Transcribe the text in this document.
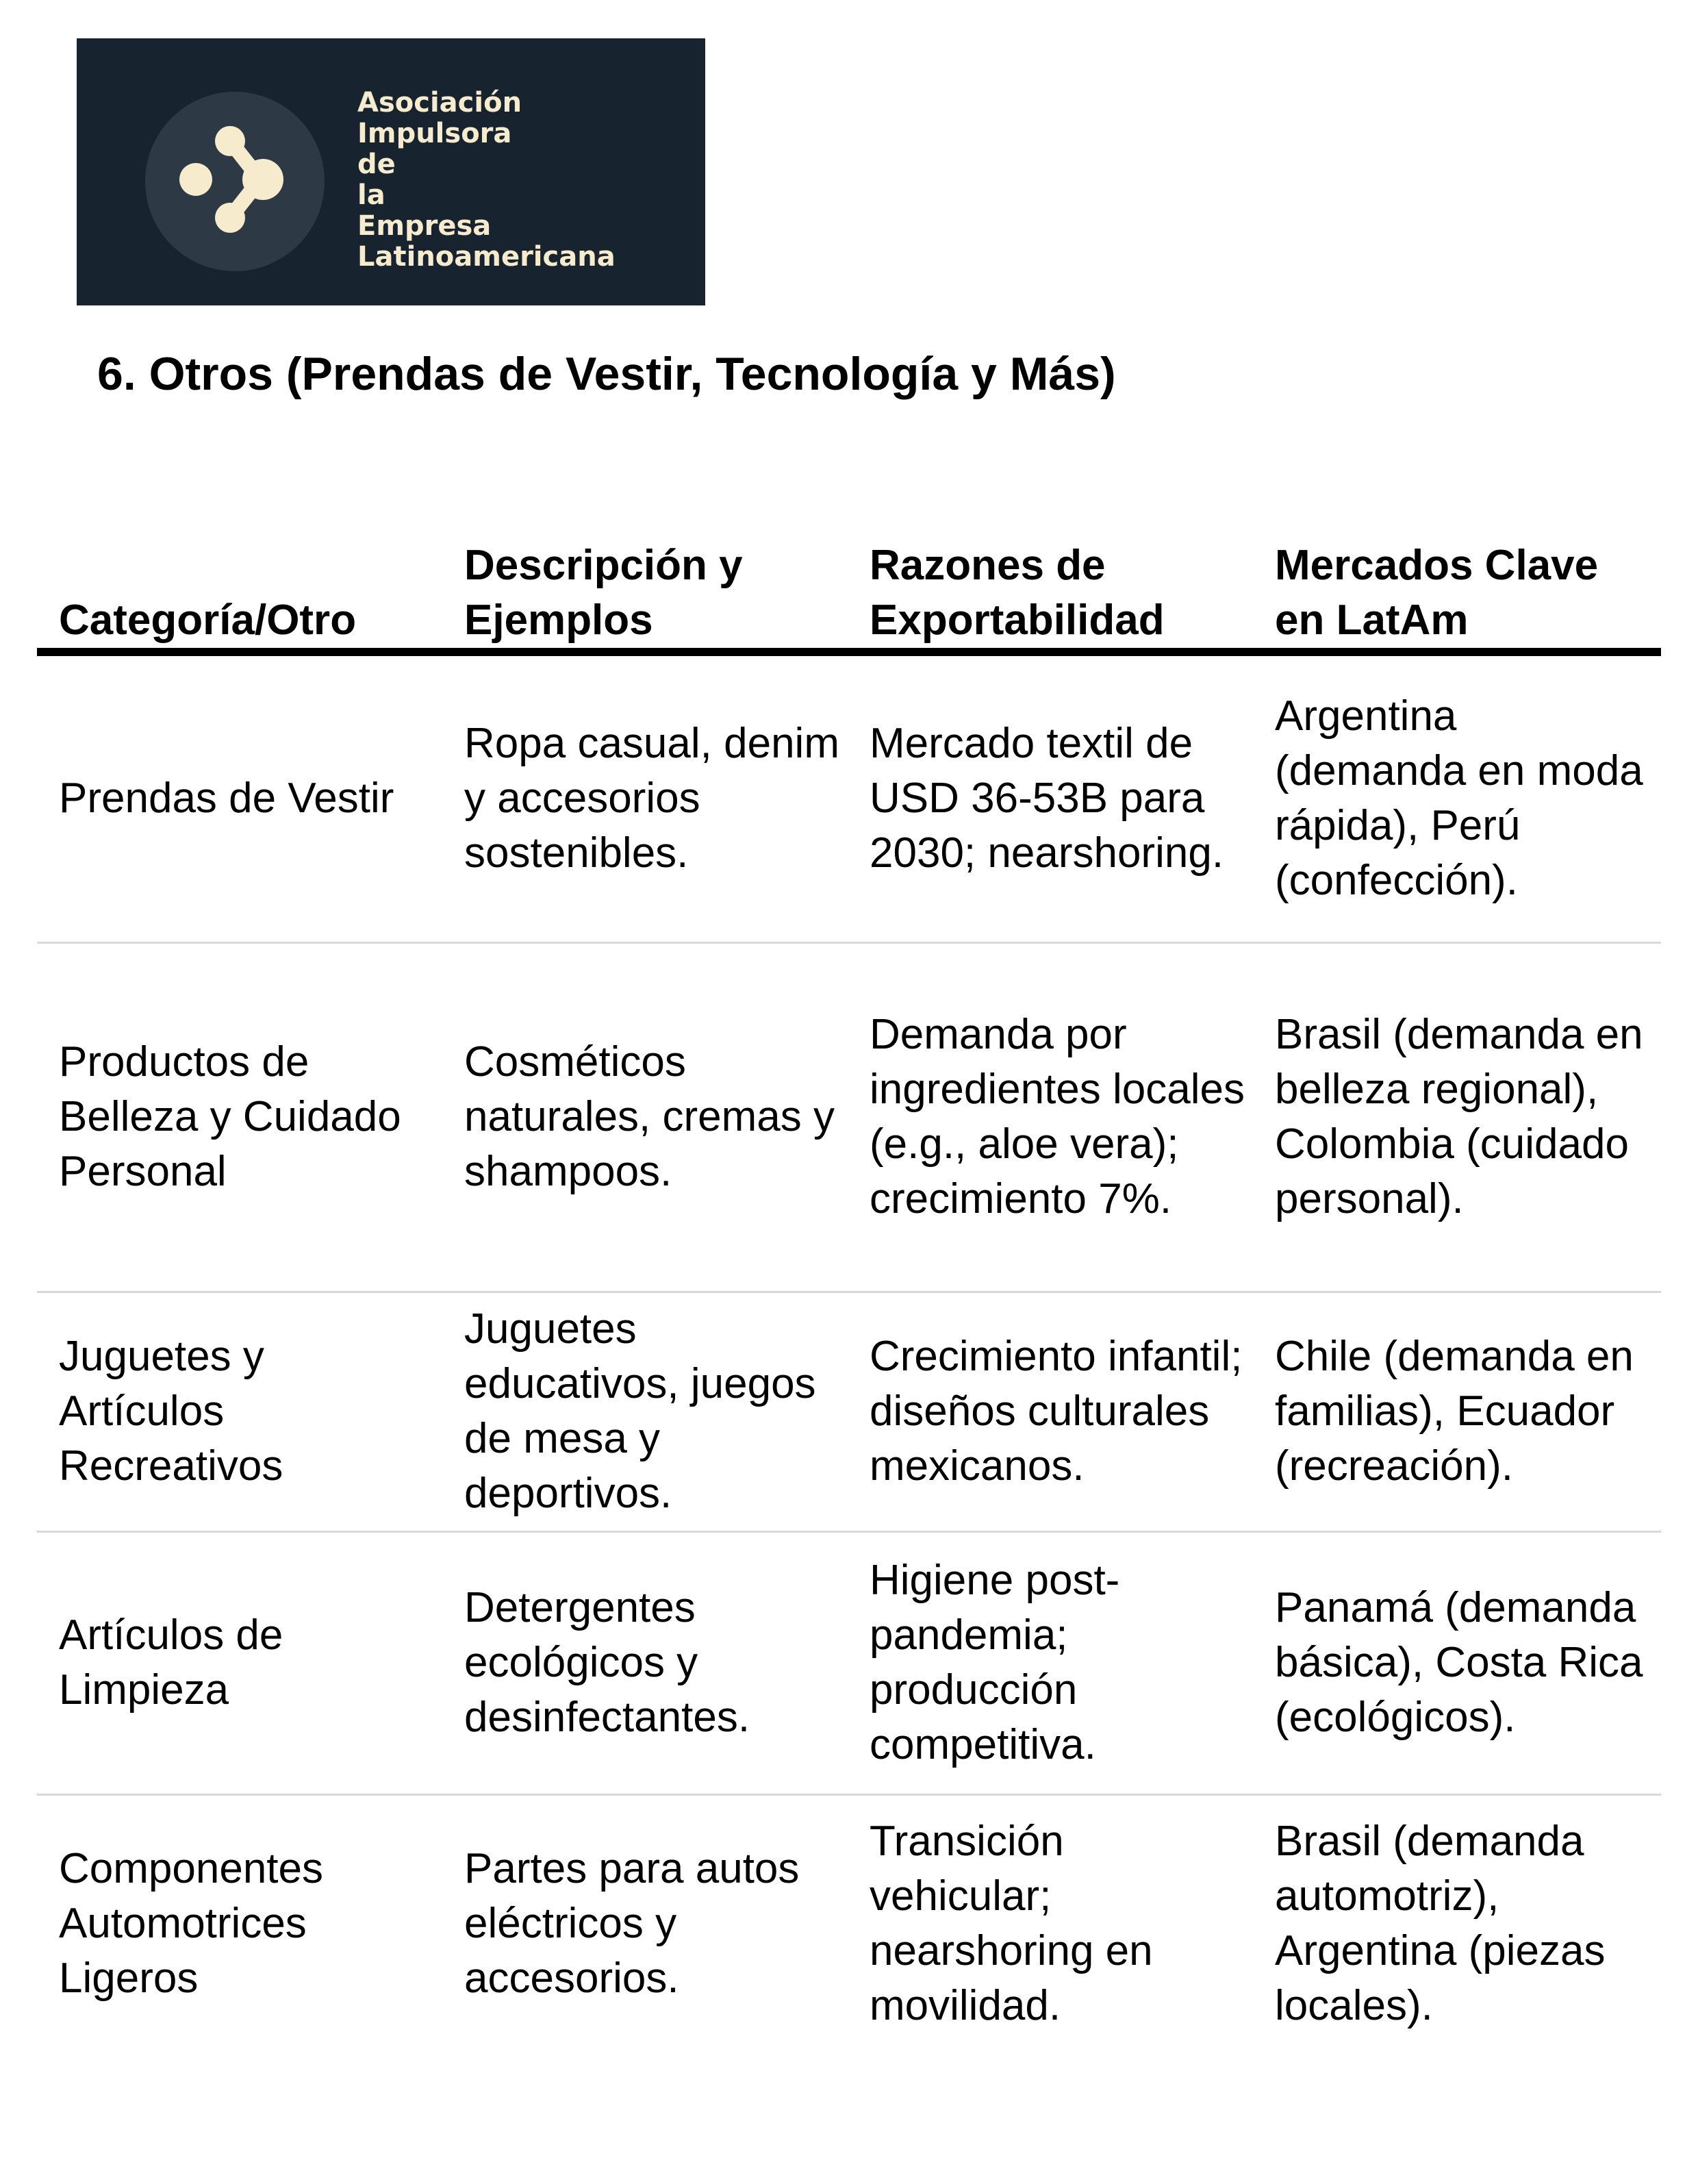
Asociación
Impulsora
de
la
Empresa
Latinoamericana
6. Otros (Prendas de Vestir, Tecnología y Más)
Categoría/Otro	Descripción y Ejemplos	Razones de Exportabilidad	Mercados Clave en LatAm
Prendas de Vestir	Ropa casual, denim y accesorios sostenibles.	Mercado textil de USD 36-53B para 2030; nearshoring.	Argentina (demanda en moda rápida), Perú (confección).
Productos de Belleza y Cuidado Personal	Cosméticos naturales, cremas y shampoos.	Demanda por ingredientes locales (e.g., aloe vera); crecimiento 7%.	Brasil (demanda en belleza regional), Colombia (cuidado personal).
Juguetes y Artículos Recreativos	Juguetes educativos, juegos de mesa y deportivos.	Crecimiento infantil; diseños culturales mexicanos.	Chile (demanda en familias), Ecuador (recreación).
Artículos de Limpieza	Detergentes ecológicos y desinfectantes.	Higiene post-pandemia; producción competitiva.	Panamá (demanda básica), Costa Rica (ecológicos).
Componentes Automotrices Ligeros	Partes para autos eléctricos y accesorios.	Transición vehicular; nearshoring en movilidad.	Brasil (demanda automotriz), Argentina (piezas locales).
